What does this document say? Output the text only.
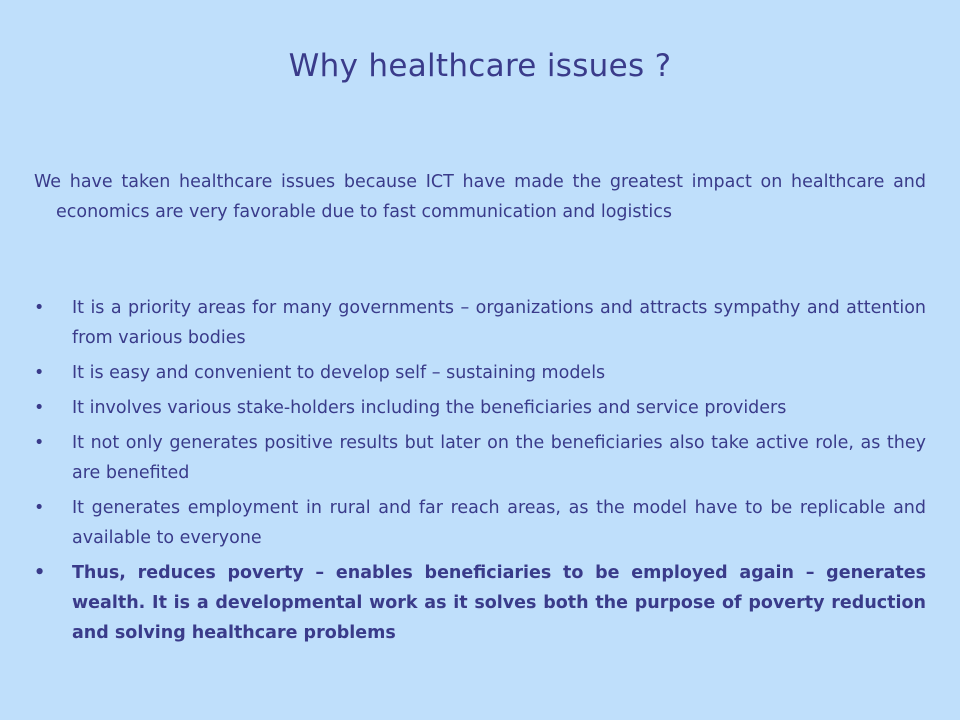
Why healthcare issues ?
We have taken healthcare issues because ICT have made the greatest impact on healthcare and economics are very favorable due to fast communication and logistics
•	It is a priority areas for many governments – organizations and attracts sympathy and attention from various bodies
•	It is easy and convenient to develop self – sustaining models
•	It involves various stake-holders including the beneficiaries and service providers
•	It not only generates positive results but later on the beneficiaries also take active role, as they are benefited
•	It generates employment in rural and far reach areas, as the model have to be replicable and available to everyone
•	Thus, reduces poverty – enables beneficiaries to be employed again – generates wealth. It is a developmental work as it solves both the purpose of poverty reduction and solving healthcare problems
